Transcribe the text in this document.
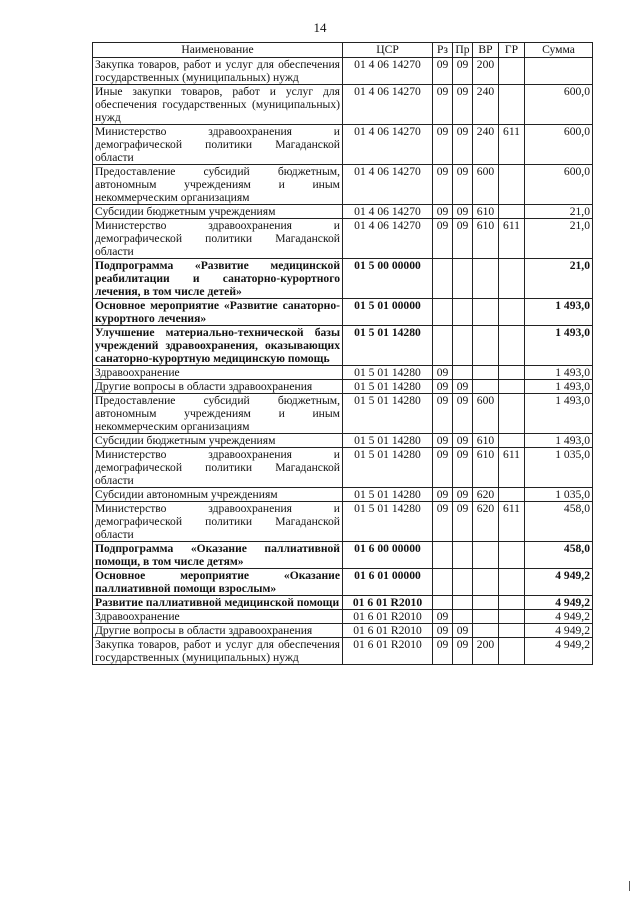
14
Наименование	ЦСР	Рз	Пр	ВР	ГР	Сумма
Закупка товаров, работ и услуг для обеспечения государственных (муниципальных) нужд	01 4 06 14270	09	09	200		
Иные закупки товаров, работ и услуг для обеспечения государственных (муниципальных) нужд	01 4 06 14270	09	09	240		600,0
Министерство здравоохранения и демографической политики Магаданской области	01 4 06 14270	09	09	240	611	600,0
Предоставление субсидий бюджетным, автономным учреждениям и иным некоммерческим организациям	01 4 06 14270	09	09	600		600,0
Субсидии бюджетным учреждениям	01 4 06 14270	09	09	610		21,0
Министерство здравоохранения и демографической политики Магаданской области	01 4 06 14270	09	09	610	611	21,0
Подпрограмма «Развитие медицинской реабилитации и санаторно-курортного лечения, в том числе детей»	01 5 00 00000					21,0
Основное мероприятие «Развитие санаторно-курортного лечения»	01 5 01 00000					1 493,0
Улучшение материально-технической базы учреждений здравоохранения, оказывающих санаторно-курортную медицинскую помощь	01 5 01 14280					1 493,0
Здравоохранение	01 5 01 14280	09				1 493,0
Другие вопросы в области здравоохранения	01 5 01 14280	09	09			1 493,0
Предоставление субсидий бюджетным, автономным учреждениям и иным некоммерческим организациям	01 5 01 14280	09	09	600		1 493,0
Субсидии бюджетным учреждениям	01 5 01 14280	09	09	610		1 493,0
Министерство здравоохранения и демографической политики Магаданской области	01 5 01 14280	09	09	610	611	1 035,0
Субсидии автономным учреждениям	01 5 01 14280	09	09	620		1 035,0
Министерство здравоохранения и демографической политики Магаданской области	01 5 01 14280	09	09	620	611	458,0
Подпрограмма «Оказание паллиативной помощи, в том числе детям»	01 6 00 00000					458,0
Основное мероприятие «Оказание паллиативной помощи взрослым»	01 6 01 00000					4 949,2
Развитие паллиативной медицинской помощи	01 6 01 R2010					4 949,2
Здравоохранение	01 6 01 R2010	09				4 949,2
Другие вопросы в области здравоохранения	01 6 01 R2010	09	09			4 949,2
Закупка товаров, работ и услуг для обеспечения государственных (муниципальных) нужд	01 6 01 R2010	09	09	200		4 949,2
